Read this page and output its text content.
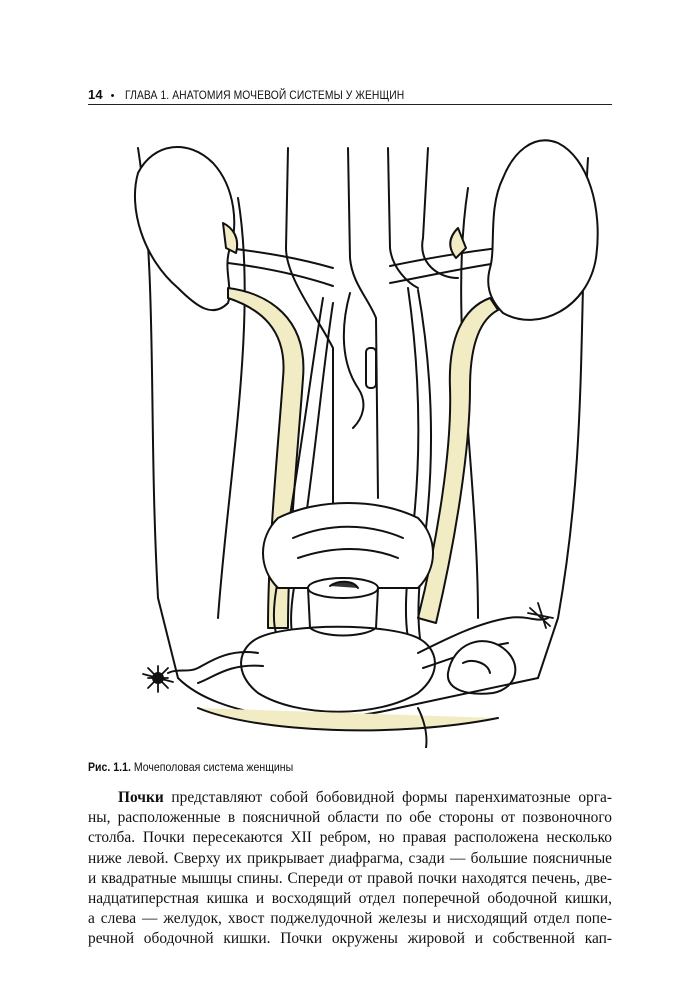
14 • ГЛАВА 1. АНАТОМИЯ МОЧЕВОЙ СИСТЕМЫ У ЖЕНЩИН
Рис. 1.1. Мочеполовая система женщины
Почки представляют собой бобовидной формы паренхиматозные орга-
ны, расположенные в поясничной области по обе стороны от позвоночного
столба. Почки пересекаются XII ребром, но правая расположена несколько
ниже левой. Сверху их прикрывает диафрагма, сзади — большие поясничные
и квадратные мышцы спины. Спереди от правой почки находятся печень, две-
надцатиперстная кишка и восходящий отдел поперечной ободочной кишки,
а слева — желудок, хвост поджелудочной железы и нисходящий отдел попе-
речной ободочной кишки. Почки окружены жировой и собственной кап-
